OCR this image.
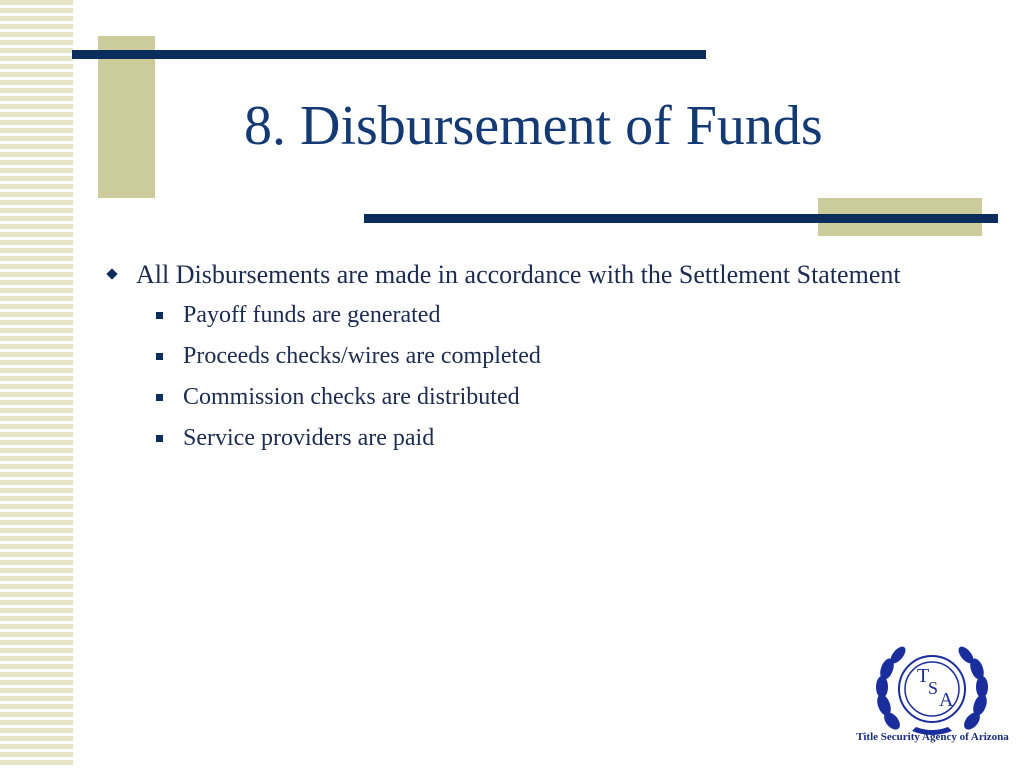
8. Disbursement of Funds
All Disbursements are made in accordance with the Settlement Statement
Payoff funds are generated
Proceeds checks/wires are completed
Commission checks are distributed
Service providers are paid
T
S
A
Title Security Agency of Arizona
